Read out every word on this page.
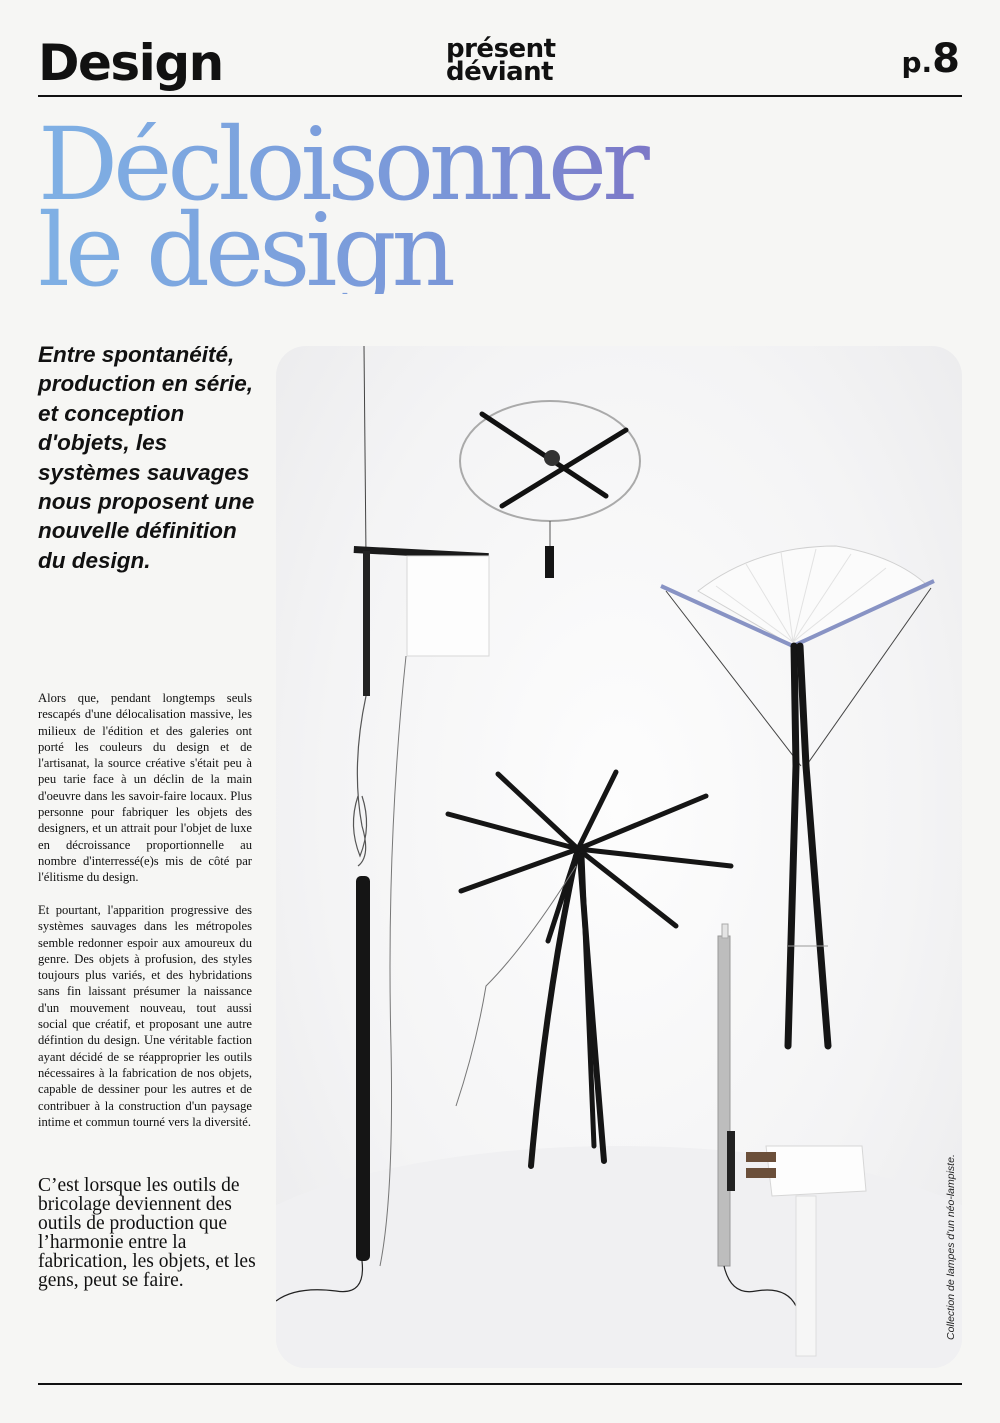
Design	présent
déviant	p.8
Décloisonner
le design

Entre spontanéité, production en série, et conception d'objets, les systèmes sauvages nous proposent une nouvelle définition du design.

Alors que, pendant longtemps seuls rescapés d'une délocalisation massive, les milieux de l'édition et des galeries ont porté les couleurs du design et de l'artisanat, la source créative s'était peu à peu tarie face à un déclin de la main d'oeuvre dans les savoir-faire locaux. Plus personne pour fabriquer les objets des designers, et un attrait pour l'objet de luxe en décroissance proportionnelle au nombre d'interressé(e)s mis de côté par l'élitisme du design.

Et pourtant, l'apparition progressive des systèmes sauvages dans les métropoles semble redonner espoir aux amoureux du genre. Des objets à profusion, des styles toujours plus variés, et des hybridations sans fin laissant présumer la naissance d'un mouvement nouveau, tout aussi social que créatif, et proposant une autre défintion du design. Une véritable faction ayant décidé de se réapproprier les outils nécessaires à la fabrication de nos objets, capable de dessiner pour les autres et de contribuer à la construction d'un paysage intime et commun tourné vers la diversité.

C’est lorsque les outils de bricolage deviennent des outils de production que l’harmonie entre la fabrication, les objets, et les gens, peut se faire.	Collection de lampes d'un néo-lampiste.
